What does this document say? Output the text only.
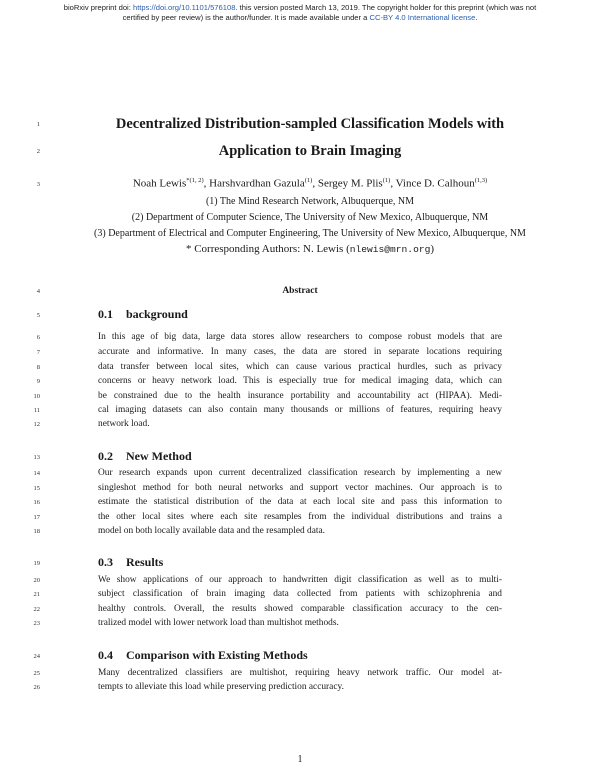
bioRxiv preprint doi: https://doi.org/10.1101/576108. this version posted March 13, 2019. The copyright holder for this preprint (which was not
certified by peer review) is the author/funder. It is made available under a CC-BY 4.0 International license.
1
2
3
4
5
6
7
8
9
10
11
12
13
14
15
16
17
18
19
20
21
22
23
24
25
26
Decentralized Distribution-sampled Classification Models with
Application to Brain Imaging
Noah Lewis$^{*(1, 2)}$, Harshvardhan Gazula$^{(1)}$, Sergey M. Plis$^{(1)}$, Vince D. Calhoun$^{(1,3)}$
(1) The Mind Research Network, Albuquerque, NM
(2) Department of Computer Science, The University of New Mexico, Albuquerque, NM
(3) Department of Electrical and Computer Engineering, The University of New Mexico, Albuquerque, NM
* Corresponding Authors: N. Lewis (nlewis@mrn.org)
Abstract
0.1 background
In this age of big data, large data stores allow researchers to compose robust models that are
accurate and informative. In many cases, the data are stored in separate locations requiring
data transfer between local sites, which can cause various practical hurdles, such as privacy
concerns or heavy network load. This is especially true for medical imaging data, which can
be constrained due to the health insurance portability and accountability act (HIPAA). Medi-
cal imaging datasets can also contain many thousands or millions of features, requiring heavy
network load.
0.2 New Method
Our research expands upon current decentralized classification research by implementing a new
singleshot method for both neural networks and support vector machines. Our approach is to
estimate the statistical distribution of the data at each local site and pass this information to
the other local sites where each site resamples from the individual distributions and trains a
model on both locally available data and the resampled data.
0.3 Results
We show applications of our approach to handwritten digit classification as well as to multi-
subject classification of brain imaging data collected from patients with schizophrenia and
healthy controls. Overall, the results showed comparable classification accuracy to the cen-
tralized model with lower network load than multishot methods.
0.4 Comparison with Existing Methods
Many decentralized classifiers are multishot, requiring heavy network traffic. Our model at-
tempts to alleviate this load while preserving prediction accuracy.
1
